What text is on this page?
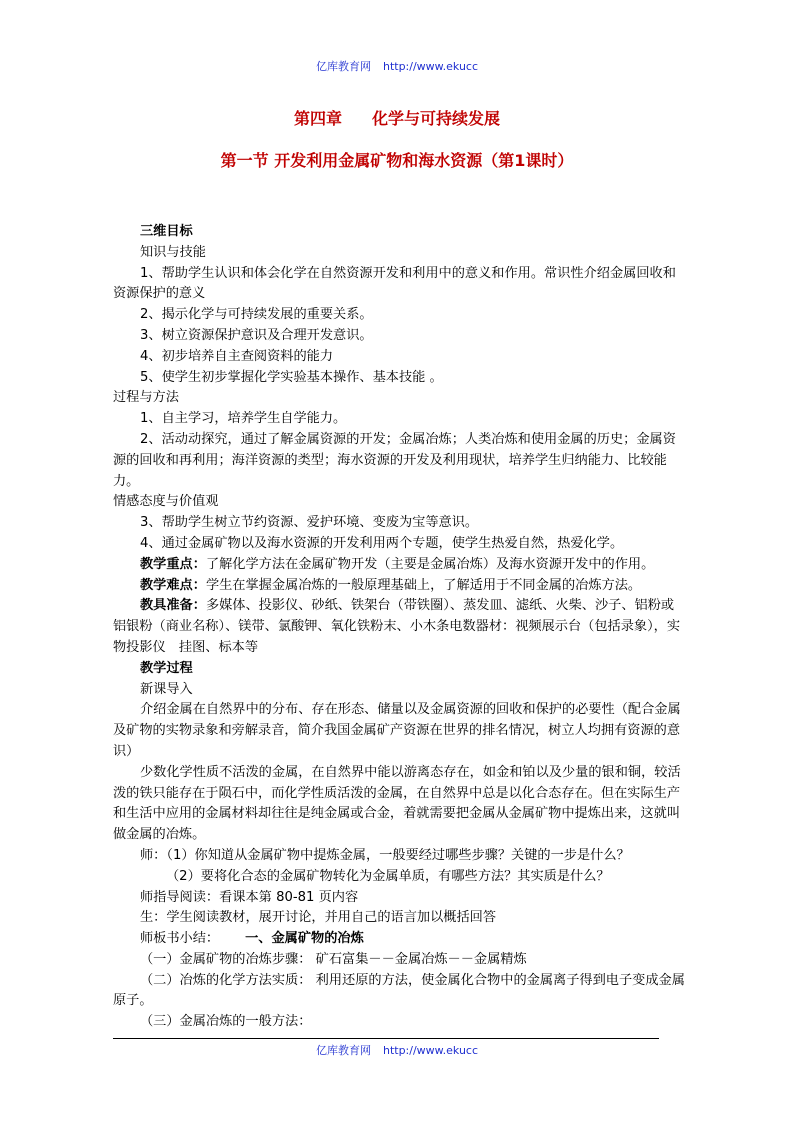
亿库教育网 http://www.ekucc
第四章 化学与可持续发展
第一节 开发利用金属矿物和海水资源（第1课时）

三维目标

知识与技能

1、帮助学生认识和体会化学在自然资源开发和利用中的意义和作用。常识性介绍金属回收和资源保护的意义

2、揭示化学与可持续发展的重要关系。

3、树立资源保护意识及合理开发意识。

4、初步培养自主查阅资料的能力

5、使学生初步掌握化学实验基本操作、基本技能 。

过程与方法

1、自主学习，培养学生自学能力。

2、活动动探究，通过了解金属资源的开发；金属冶炼；人类冶炼和使用金属的历史；金属资源的回收和再利用；海洋资源的类型；海水资源的开发及利用现状，培养学生归纳能力、比较能力。

情感态度与价值观

3、帮助学生树立节约资源、爱护环境、变废为宝等意识。

4、通过金属矿物以及海水资源的开发利用两个专题，使学生热爱自然，热爱化学。

教学重点：了解化学方法在金属矿物开发（主要是金属冶炼）及海水资源开发中的作用。

教学难点：学生在掌握金属冶炼的一般原理基础上，了解适用于不同金属的冶炼方法。

教具准备：多媒体、投影仪、砂纸、铁架台（带铁圈）、蒸发皿、滤纸、火柴、沙子、铝粉或铝银粉（商业名称）、镁带、氯酸钾、氧化铁粉末、小木条电数器材：视频展示台（包括录象），实物投影仪　挂图、标本等

教学过程

新课导入

介绍金属在自然界中的分布、存在形态、储量以及金属资源的回收和保护的必要性（配合金属及矿物的实物录象和旁解录音，简介我国金属矿产资源在世界的排名情况，树立人均拥有资源的意识）

少数化学性质不活泼的金属，在自然界中能以游离态存在，如金和铂以及少量的银和铜，较活泼的铁只能存在于陨石中，而化学性质活泼的金属，在自然界中总是以化合态存在。但在实际生产和生活中应用的金属材料却往往是纯金属或合金，着就需要把金属从金属矿物中提炼出来，这就叫做金属的冶炼。

师：（1）你知道从金属矿物中提炼金属，一般要经过哪些步骤？关键的一步是什么？

（2）要将化合态的金属矿物转化为金属单质，有哪些方法？其实质是什么？

师指导阅读：看课本第 80-81 页内容

生：学生阅读教材，展开讨论，并用自己的语言加以概括回答

师板书小结： 一、金属矿物的冶炼

（一）金属矿物的冶炼步骤： 矿石富集－－金属冶炼－－金属精炼

（二）冶炼的化学方法实质： 利用还原的方法，使金属化合物中的金属离子得到电子变成金属原子。

（三）金属冶炼的一般方法：

亿库教育网 http://www.ekucc
